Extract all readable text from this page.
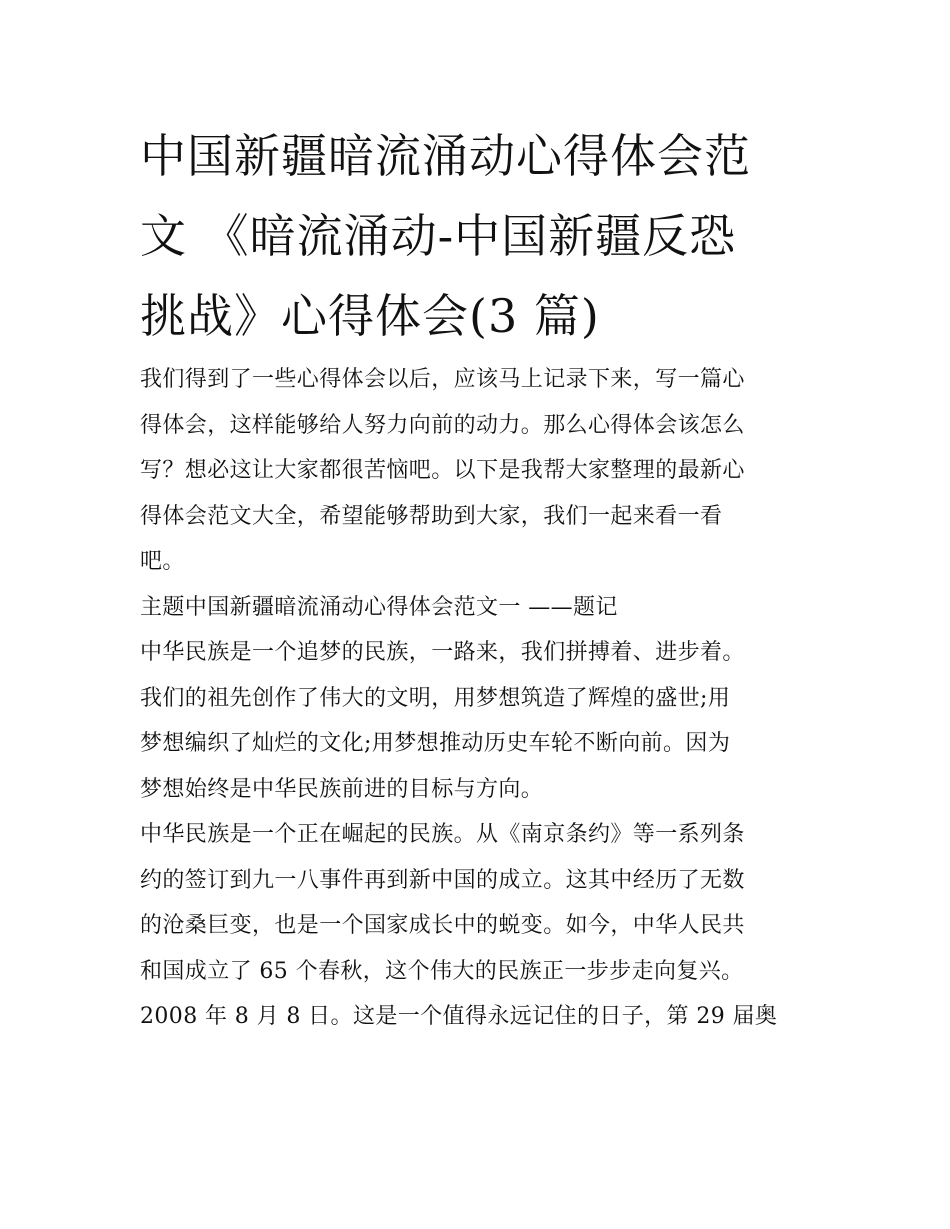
中国新疆暗流涌动心得体会范
文 《暗流涌动-中国新疆反恐
挑战》心得体会(3 篇)

我们得到了一些心得体会以后，应该马上记录下来，写一篇心
得体会，这样能够给人努力向前的动力。那么心得体会该怎么
写？想必这让大家都很苦恼吧。以下是我帮大家整理的最新心
得体会范文大全，希望能够帮助到大家，我们一起来看一看
吧。

主题中国新疆暗流涌动心得体会范文一 ——题记

中华民族是一个追梦的民族，一路来，我们拼搏着、进步着。
我们的祖先创作了伟大的文明，用梦想筑造了辉煌的盛世;用
梦想编织了灿烂的文化;用梦想推动历史车轮不断向前。因为
梦想始终是中华民族前进的目标与方向。

中华民族是一个正在崛起的民族。从《南京条约》等一系列条
约的签订到九一八事件再到新中国的成立。这其中经历了无数
的沧桑巨变，也是一个国家成长中的蜕变。如今，中华人民共
和国成立了 65 个春秋，这个伟大的民族正一步步走向复兴。
2008 年 8 月 8 日。这是一个值得永远记住的日子，第 29 届奥
